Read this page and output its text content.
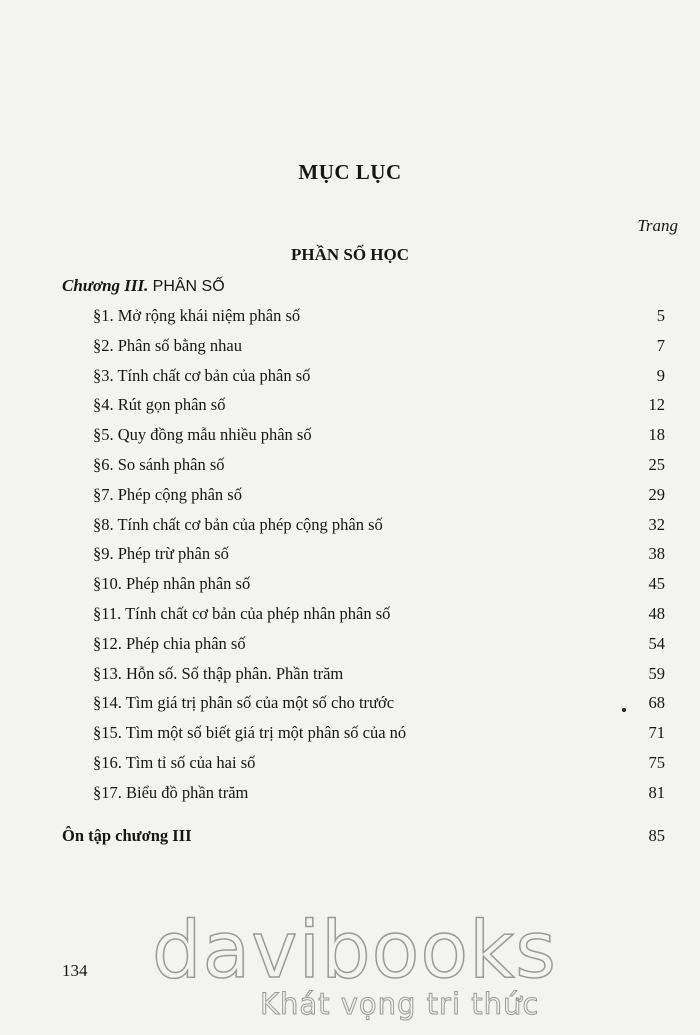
MỤC LỤC
Trang
PHẦN SỐ HỌC
Chương III. PHÂN SỐ
§1. Mở rộng khái niệm phân số	5
§2. Phân số bằng nhau	7
§3. Tính chất cơ bản của phân số	9
§4. Rút gọn phân số	12
§5. Quy đồng mẫu nhiều phân số	18
§6. So sánh phân số	25
§7. Phép cộng phân số	29
§8. Tính chất cơ bản của phép cộng phân số	32
§9. Phép trừ phân số	38
§10. Phép nhân phân số	45
§11. Tính chất cơ bản của phép nhân phân số	48
§12. Phép chia phân số	54
§13. Hỗn số. Số thập phân. Phần trăm	59
§14. Tìm giá trị phân số của một số cho trước	68
§15. Tìm một số biết giá trị một phân số của nó	71
§16. Tìm tỉ số của hai số	75
§17. Biểu đồ phần trăm	81
Ôn tập chương III	85
134 davibooks
Khát vọng tri thức
